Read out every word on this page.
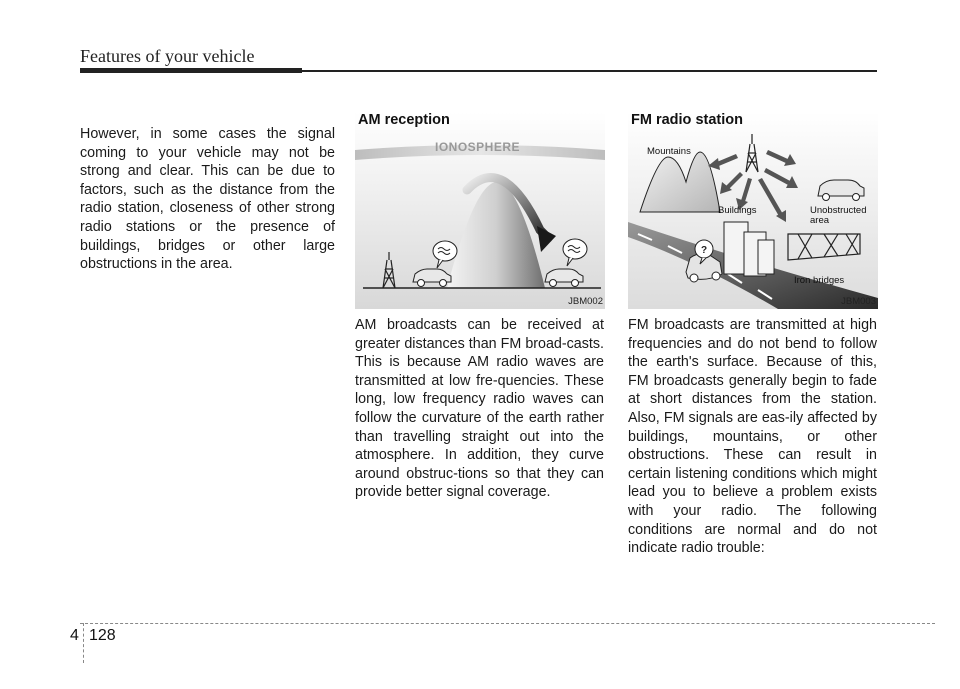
Features of your vehicle

However, in some cases the signal coming to your vehicle may not be strong and clear. This can be due to factors, such as the distance from the radio station, closeness of other strong radio stations or the presence of buildings, bridges or other large obstructions in the area.

AM reception
IONOSPHERE
JBM002
?
FM radio station
Mountains
Buildings	Unobstructed area
Iron bridges
JBM003

AM broadcasts can be received at greater distances than FM broad-casts. This is because AM radio waves are transmitted at low fre-quencies. These long, low frequency radio waves can follow the curvature of the earth rather than travelling straight out into the atmosphere. In addition, they curve around obstruc-tions so that they can provide better signal coverage.

FM broadcasts are transmitted at high frequencies and do not bend to follow the earth's surface. Because of this, FM broadcasts generally begin to fade at short distances from the station. Also, FM signals are eas-ily affected by buildings, mountains, or other obstructions. These can result in certain listening conditions which might lead you to believe a problem exists with your radio. The following conditions are normal and do not indicate radio trouble:

4 128
